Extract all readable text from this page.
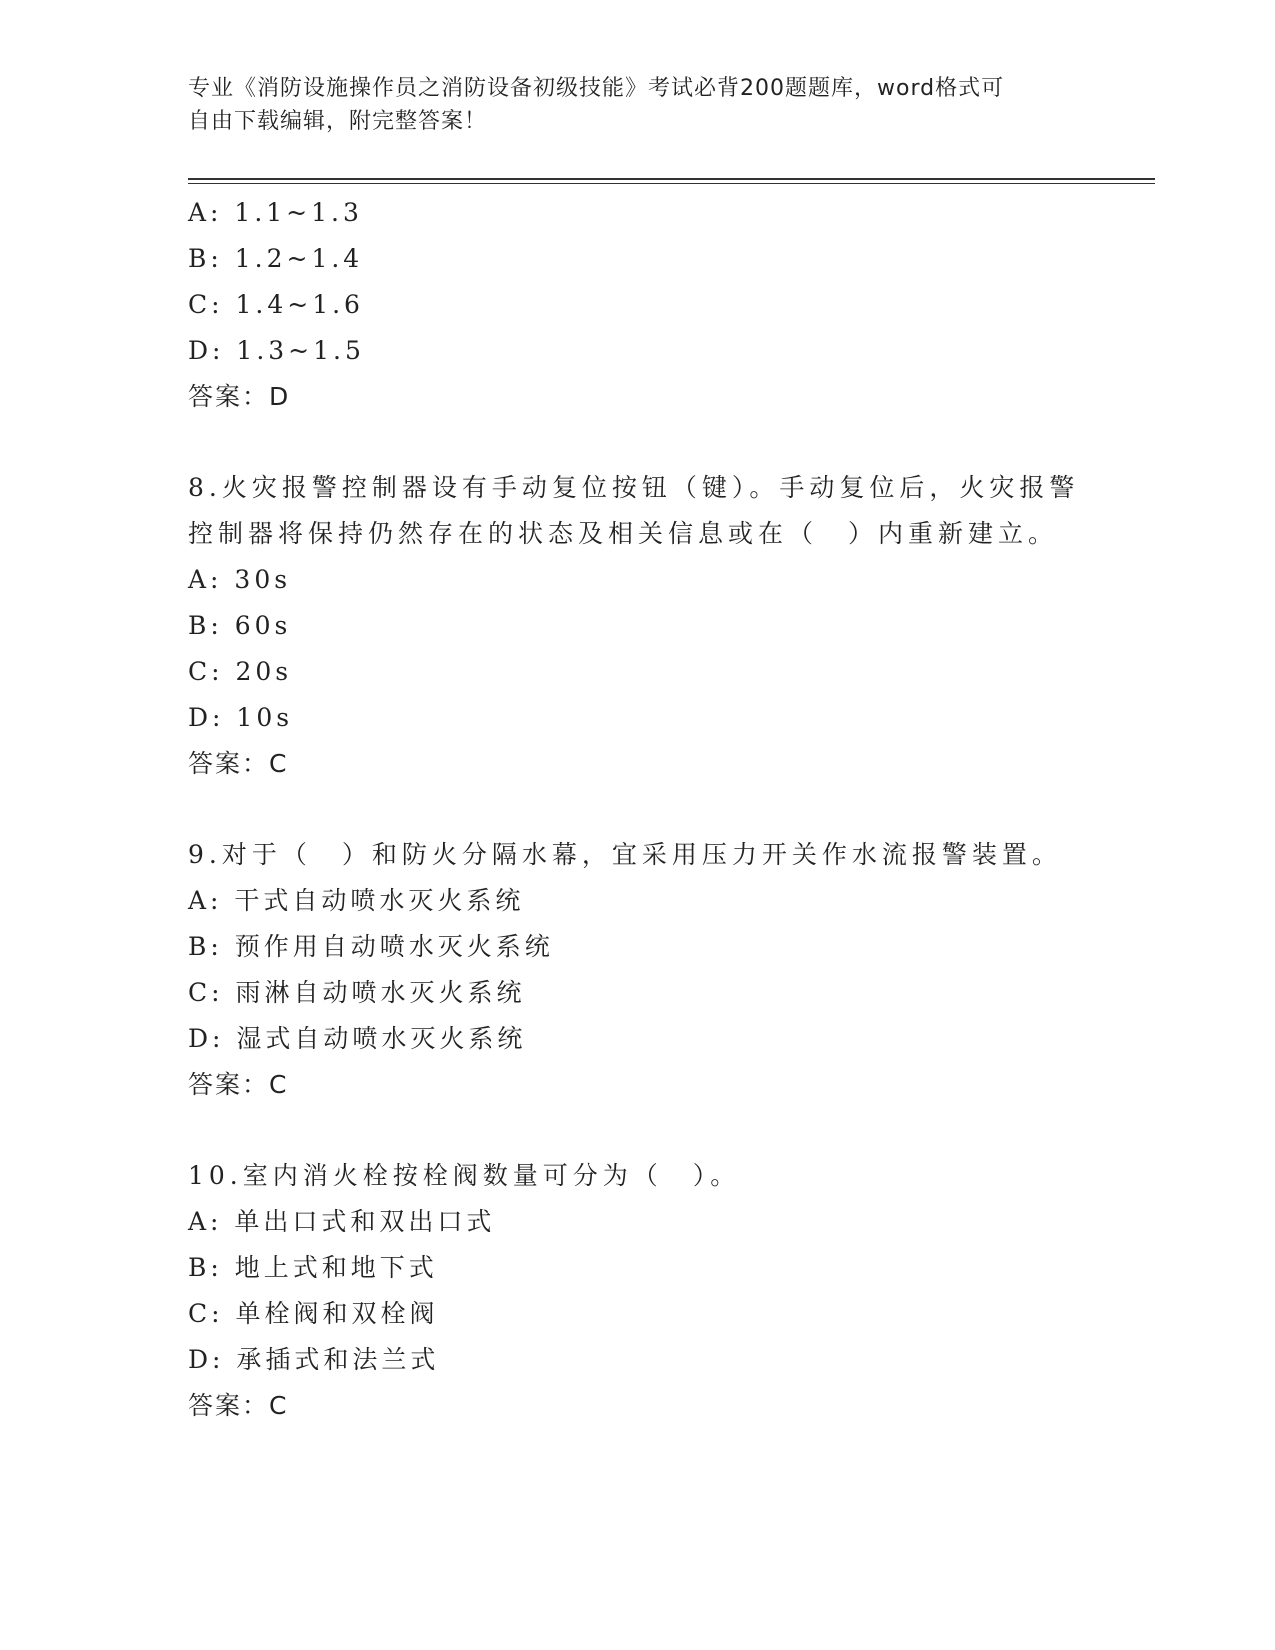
专业《消防设施操作员之消防设备初级技能》考试必背200题题库，word格式可
自由下载编辑，附完整答案！
A: 1.1~1.3
B: 1.2~1.4
C: 1.4~1.6
D: 1.3~1.5
答案：D
8.火灾报警控制器设有手动复位按钮（键）。手动复位后，火灾报警
控制器将保持仍然存在的状态及相关信息或在（　）内重新建立。
A: 30s
B: 60s
C: 20s
D: 10s
答案：C
9.对于（　）和防火分隔水幕，宜采用压力开关作水流报警装置。
A: 干式自动喷水灭火系统
B: 预作用自动喷水灭火系统
C: 雨淋自动喷水灭火系统
D: 湿式自动喷水灭火系统
答案：C
10.室内消火栓按栓阀数量可分为（　）。
A: 单出口式和双出口式
B: 地上式和地下式
C: 单栓阀和双栓阀
D: 承插式和法兰式
答案：C
